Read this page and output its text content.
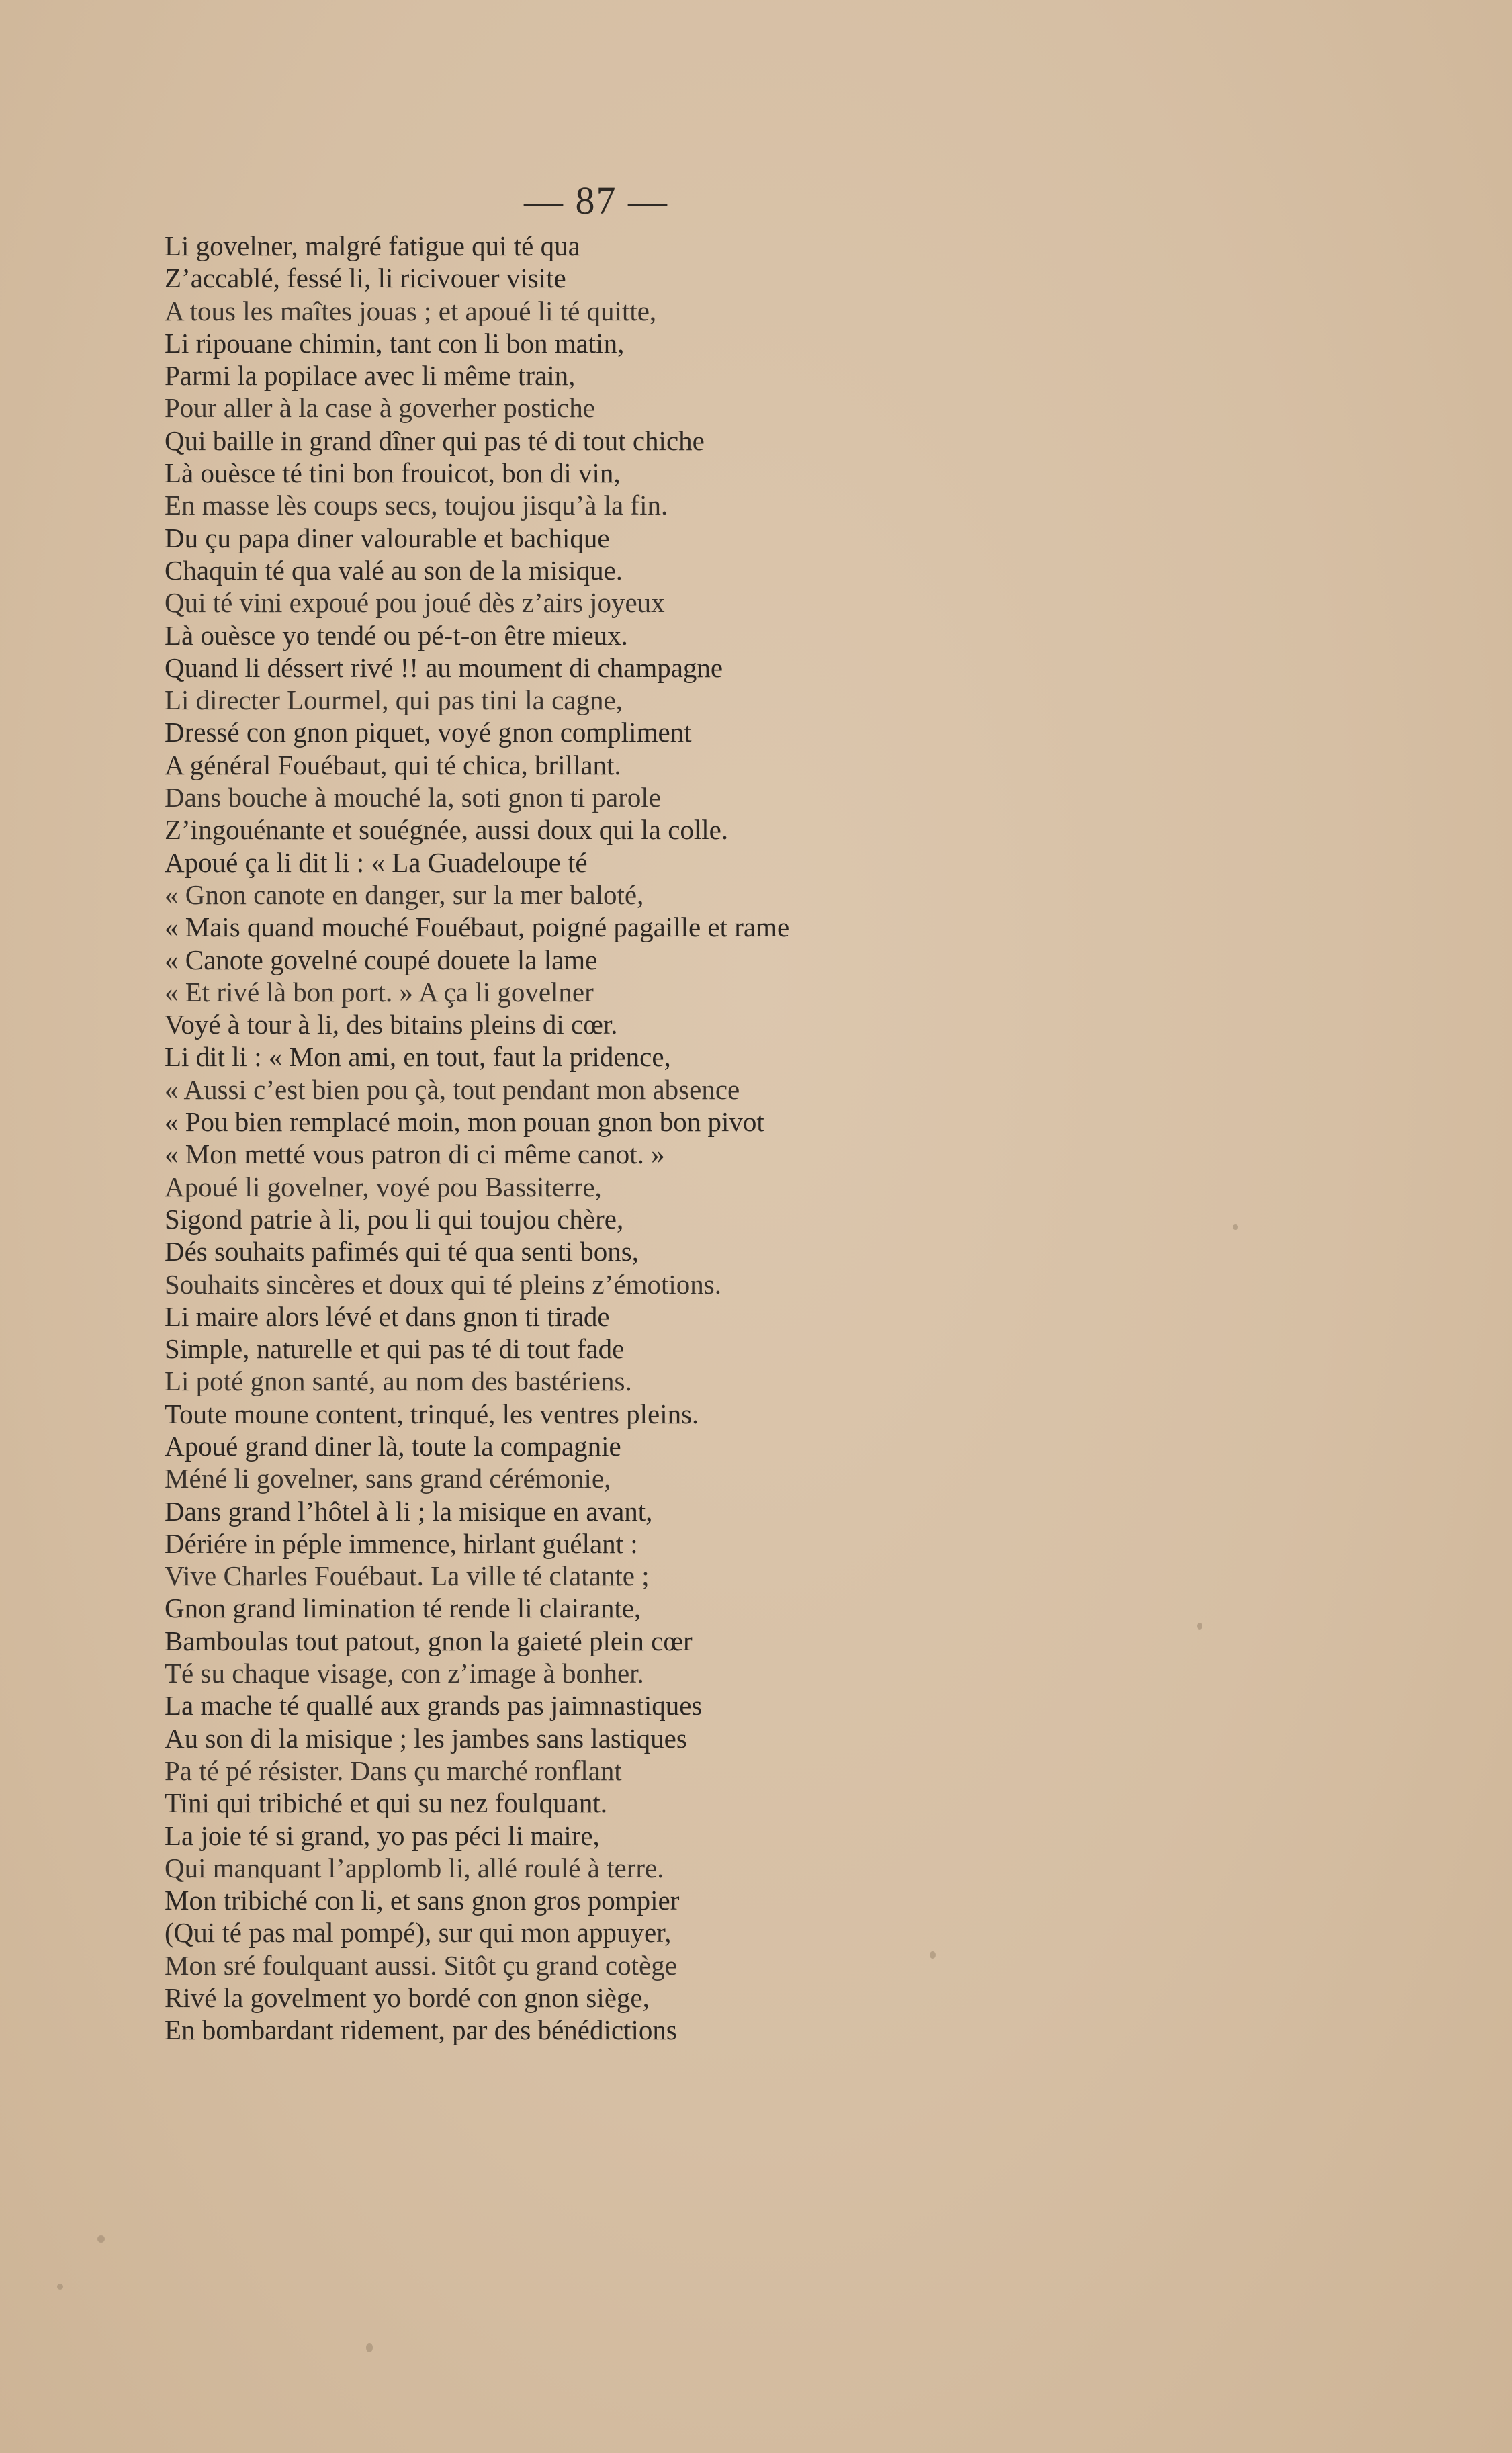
— 87 —
Li govelner, malgré fatigue qui té qua
Z’accablé, fessé li, li ricivouer visite
A tous les maîtes jouas ; et apoué li té quitte,
Li ripouane chimin, tant con li bon matin,
Parmi la popilace avec li même train,
Pour aller à la case à goverher postiche
Qui baille in grand dîner qui pas té di tout chiche
Là ouèsce té tini bon frouicot, bon di vin,
En masse lès coups secs, toujou jisqu’à la fin.
Du çu papa diner valourable et bachique
Chaquin té qua valé au son de la misique.
Qui té vini expoué pou joué dès z’airs joyeux
Là ouèsce yo tendé ou pé-t-on être mieux.
Quand li déssert rivé !! au moument di champagne
Li directer Lourmel, qui pas tini la cagne,
Dressé con gnon piquet, voyé gnon compliment
A général Fouébaut, qui té chica, brillant.
Dans bouche à mouché la, soti gnon ti parole
Z’ingouénante et souégnée, aussi doux qui la colle.
Apoué ça li dit li : « La Guadeloupe té
« Gnon canote en danger, sur la mer baloté,
« Mais quand mouché Fouébaut, poigné pagaille et rame
« Canote govelné coupé douete la lame
« Et rivé là bon port. » A ça li govelner
Voyé à tour à li, des bitains pleins di cœr.
Li dit li : « Mon ami, en tout, faut la pridence,
« Aussi c’est bien pou çà, tout pendant mon absence
« Pou bien remplacé moin, mon pouan gnon bon pivot
« Mon metté vous patron di ci même canot. »
Apoué li govelner, voyé pou Bassiterre,
Sigond patrie à li, pou li qui toujou chère,
Dés souhaits pafimés qui té qua senti bons,
Souhaits sincères et doux qui té pleins z’émotions.
Li maire alors lévé et dans gnon ti tirade
Simple, naturelle et qui pas té di tout fade
Li poté gnon santé, au nom des bastériens.
Toute moune content, trinqué, les ventres pleins.
Apoué grand diner là, toute la compagnie
Méné li govelner, sans grand cérémonie,
Dans grand l’hôtel à li ; la misique en avant,
Dériére in péple immence, hirlant guélant :
Vive Charles Fouébaut. La ville té clatante ;
Gnon grand limination té rende li clairante,
Bamboulas tout patout, gnon la gaieté plein cœr
Té su chaque visage, con z’image à bonher.
La mache té quallé aux grands pas jaimnastiques
Au son di la misique ; les jambes sans lastiques
Pa té pé résister. Dans çu marché ronflant
Tini qui tribiché et qui su nez foulquant.
La joie té si grand, yo pas péci li maire,
Qui manquant l’applomb li, allé roulé à terre.
Mon tribiché con li, et sans gnon gros pompier
(Qui té pas mal pompé), sur qui mon appuyer,
Mon sré foulquant aussi. Sitôt çu grand cotège
Rivé la govelment yo bordé con gnon siège,
En bombardant ridement, par des bénédictions
